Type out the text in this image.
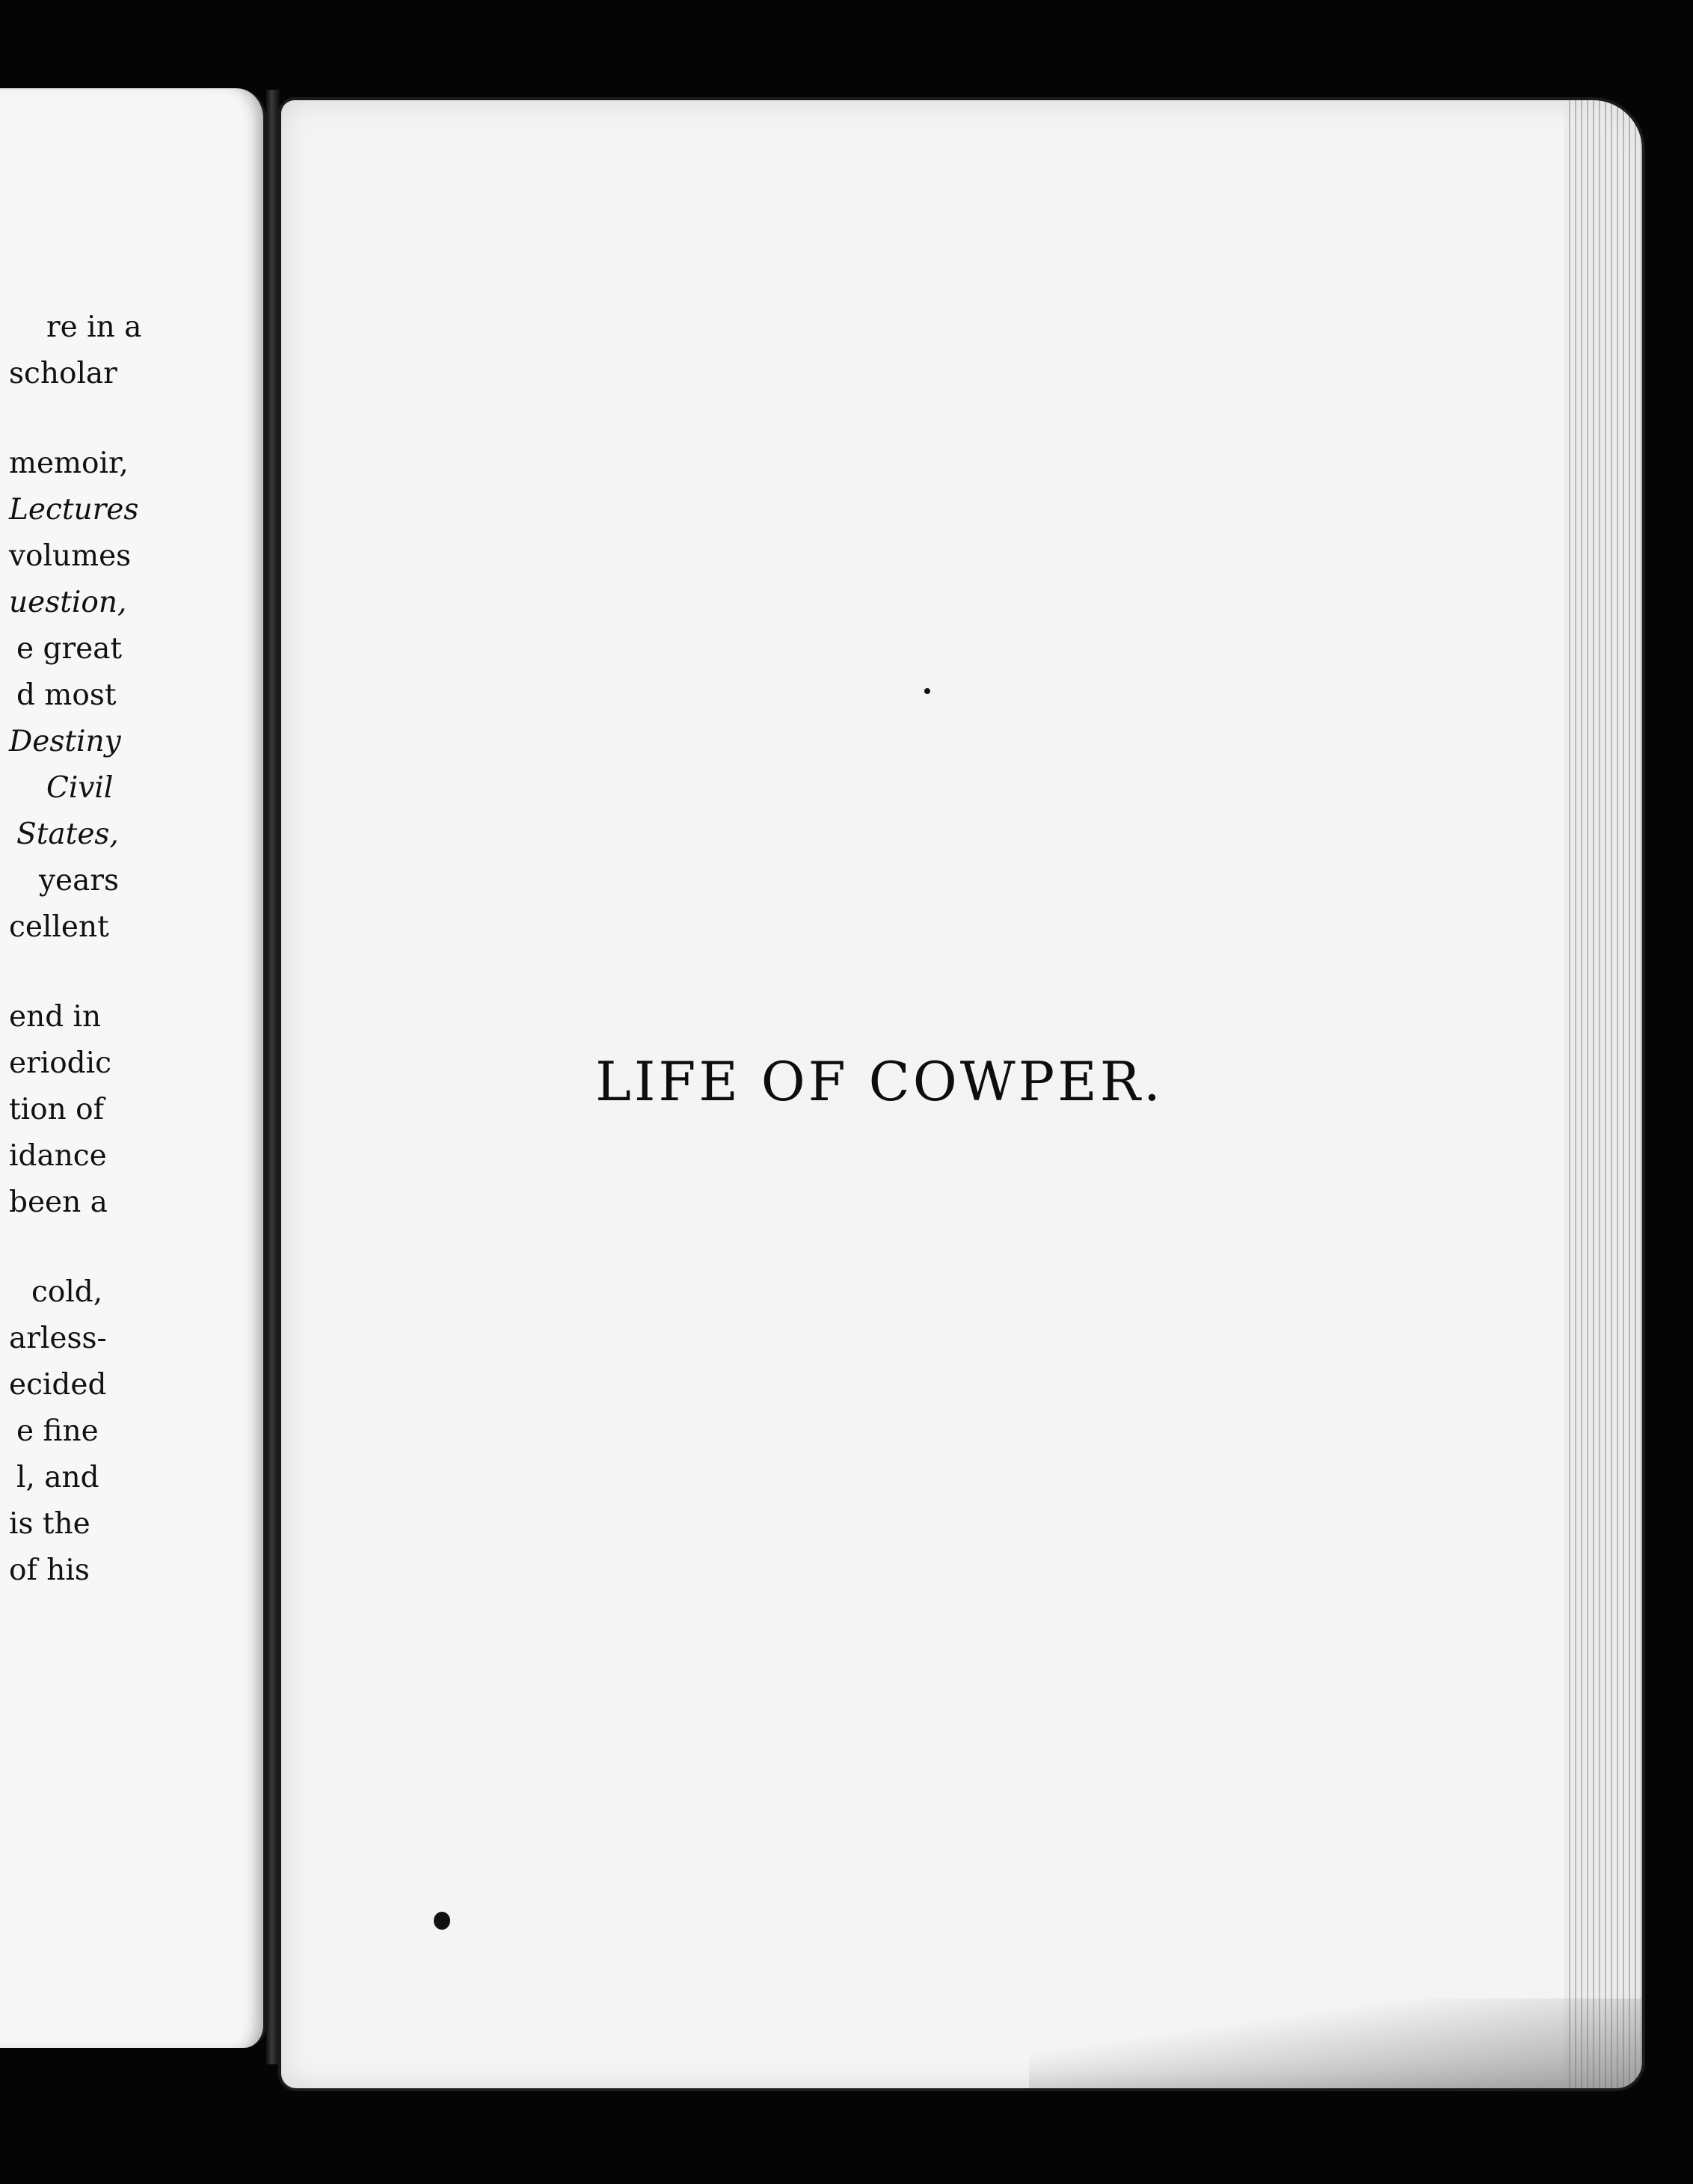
re in a
scholar
memoir,
Lectures
volumes
uestion,
e great
d most
Destiny
Civil
States,
years
cellent
end in
eriodic
tion of
idance
been a
cold,
arless-
ecided
e fine
l, and
is the
of his
LIFE OF COWPER.
